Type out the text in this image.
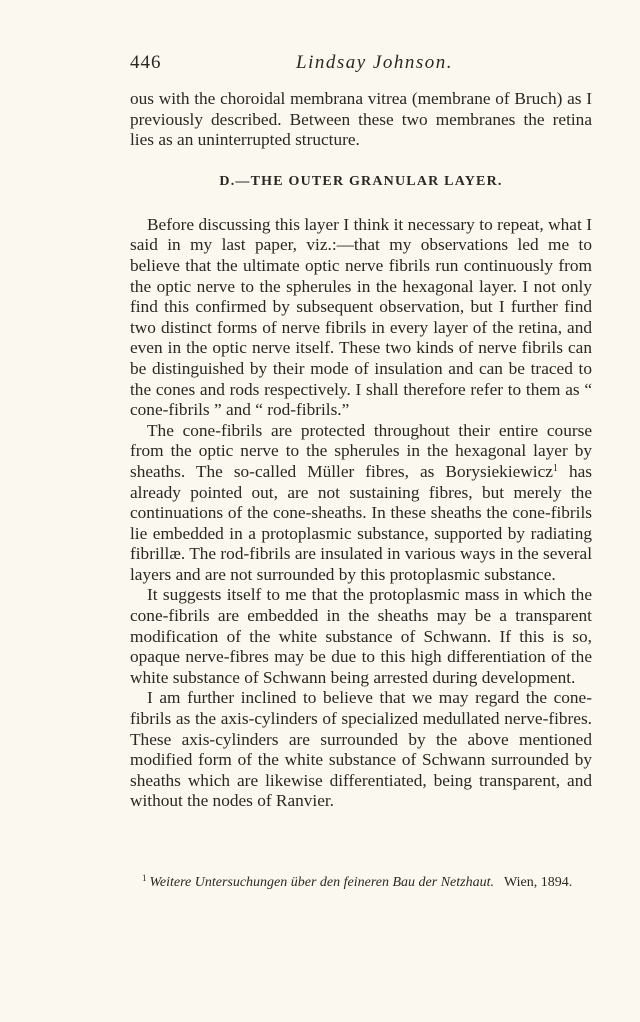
446	Lindsay Johnson.

ous with the choroidal membrana vitrea (membrane of Bruch) as I previously described. Between these two membranes the retina lies as an uninterrupted structure.

D.—THE OUTER GRANULAR LAYER.

Before discussing this layer I think it necessary to repeat, what I said in my last paper, viz.:—that my observations led me to believe that the ultimate optic nerve fibrils run continuously from the optic nerve to the spherules in the hexagonal layer. I not only find this confirmed by subsequent observation, but I further find two distinct forms of nerve fibrils in every layer of the retina, and even in the optic nerve itself. These two kinds of nerve fibrils can be distinguished by their mode of insulation and can be traced to the cones and rods respectively. I shall therefore refer to them as “ cone-fibrils ” and “ rod-fibrils.”

The cone-fibrils are protected throughout their entire course from the optic nerve to the spherules in the hexagonal layer by sheaths. The so-called Müller fibres, as Borysiekiewicz$^1$ has already pointed out, are not sustaining fibres, but merely the continuations of the cone-sheaths. In these sheaths the cone-fibrils lie embedded in a protoplasmic substance, supported by radiating fibrillæ. The rod-fibrils are insulated in various ways in the several layers and are not surrounded by this protoplasmic substance.

It suggests itself to me that the protoplasmic mass in which the cone-fibrils are embedded in the sheaths may be a transparent modification of the white substance of Schwann. If this is so, opaque nerve-fibres may be due to this high differentiation of the white substance of Schwann being arrested during development.

I am further inclined to believe that we may regard the cone-fibrils as the axis-cylinders of specialized medullated nerve-fibres. These axis-cylinders are surrounded by the above mentioned modified form of the white substance of Schwann surrounded by sheaths which are likewise differentiated, being transparent, and without the nodes of Ranvier.

$^1$ Weitere Untersuchungen über den feineren Bau der Netzhaut. Wien, 1894.
